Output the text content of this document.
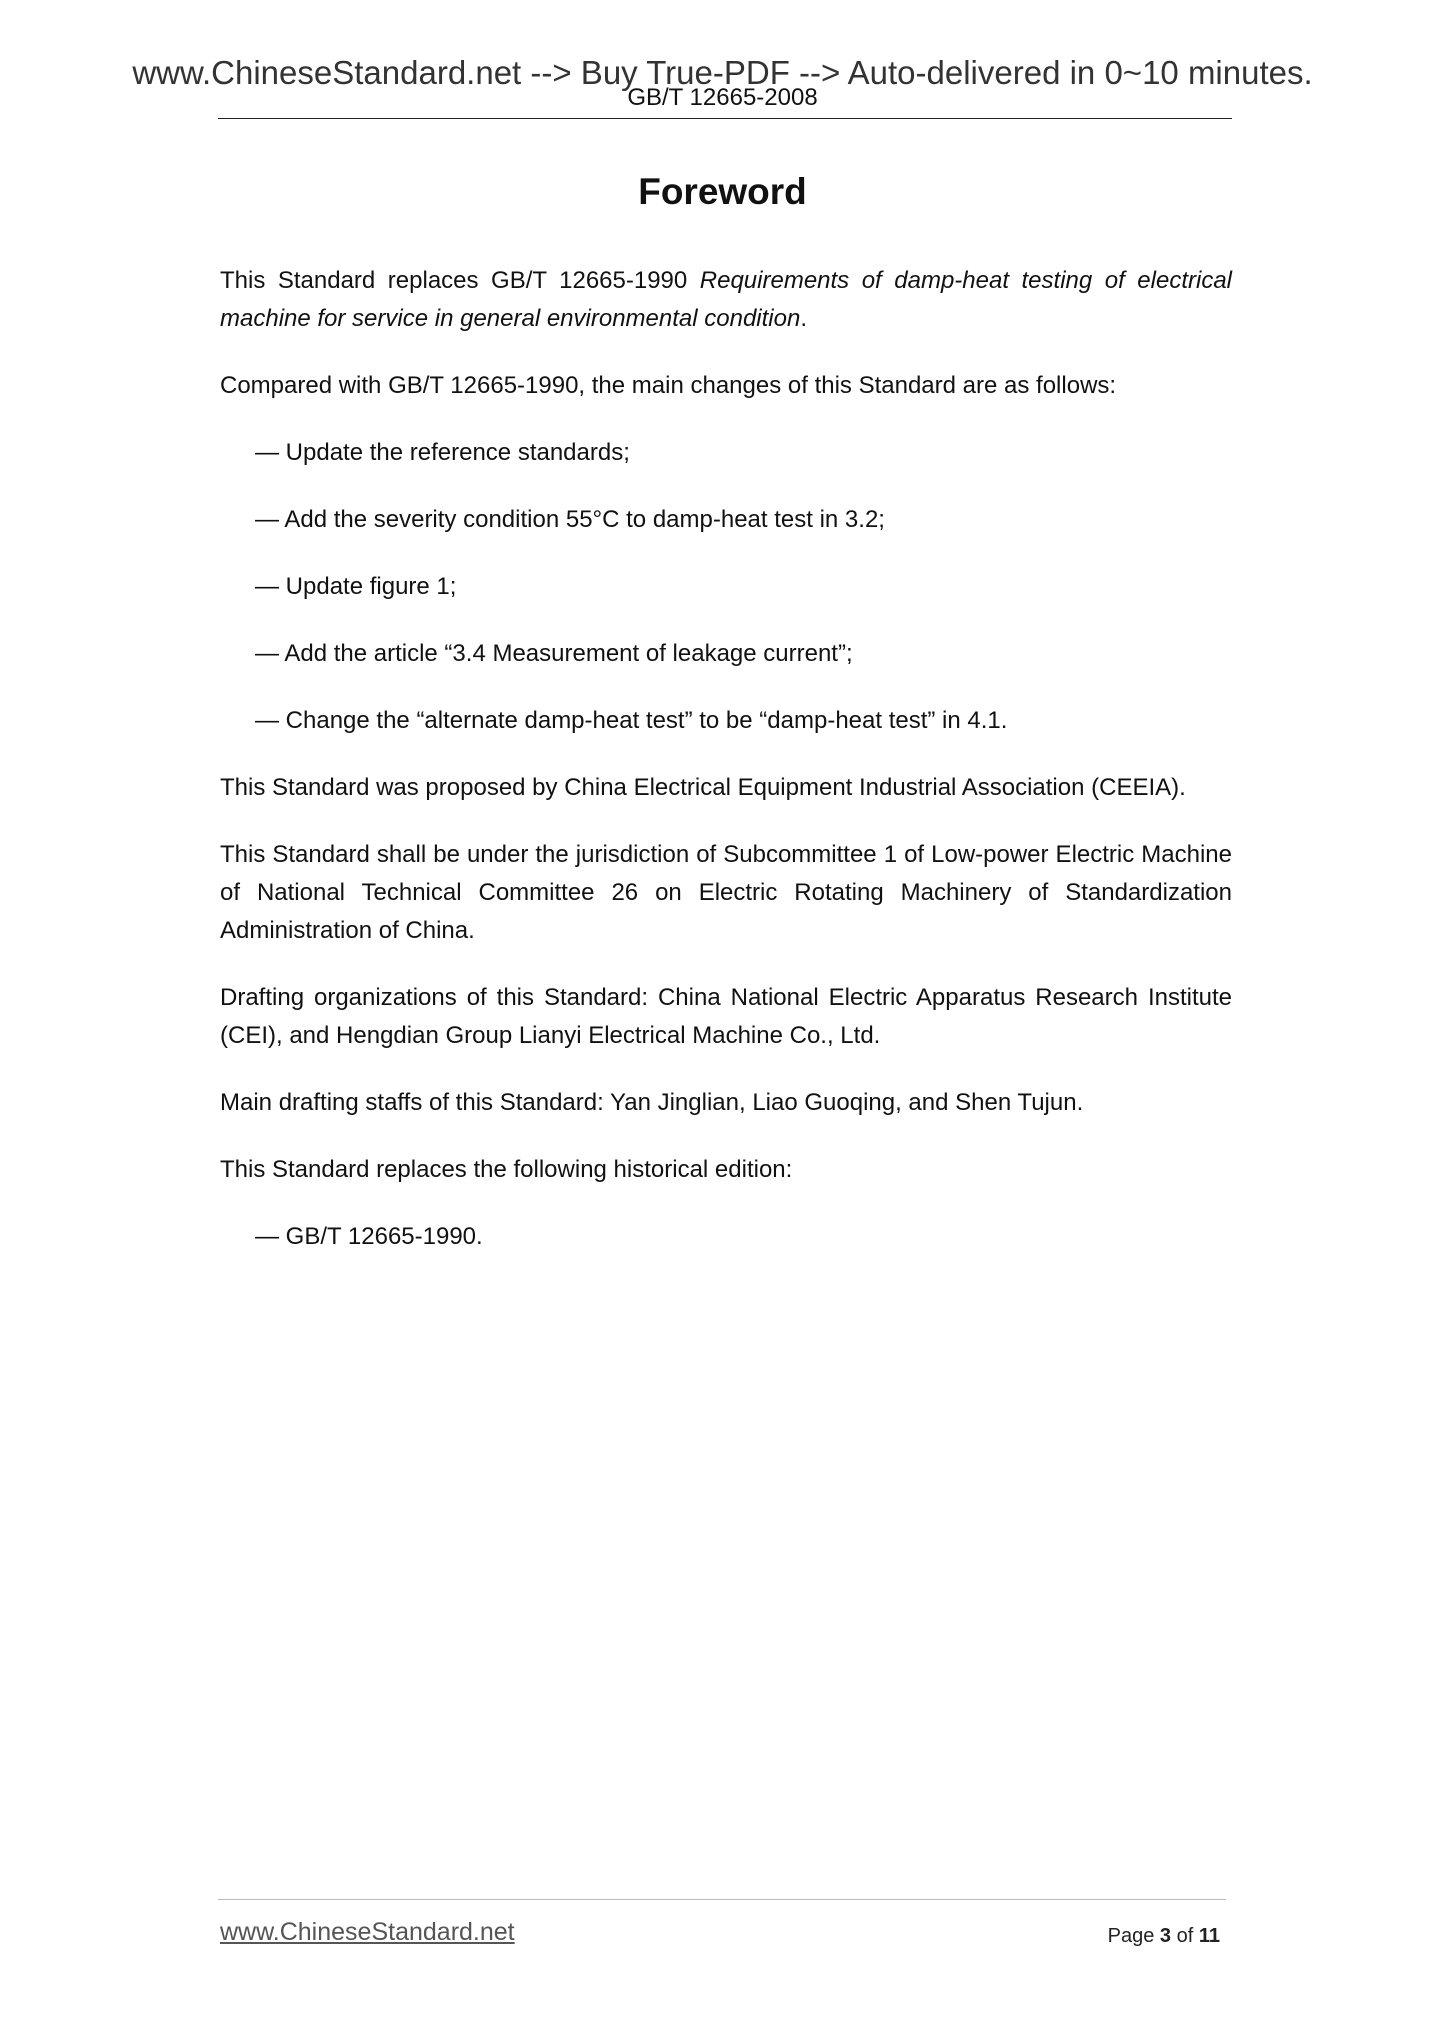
www.ChineseStandard.net --> Buy True-PDF --> Auto-delivered in 0~10 minutes.
GB/T 12665-2008
Foreword

This Standard replaces GB/T 12665-1990 Requirements of damp-heat testing of electrical machine for service in general environmental condition.

Compared with GB/T 12665-1990, the main changes of this Standard are as follows:

— Update the reference standards;

— Add the severity condition 55°C to damp-heat test in 3.2;

— Update figure 1;

— Add the article “3.4 Measurement of leakage current”;

— Change the “alternate damp-heat test” to be “damp-heat test” in 4.1.

This Standard was proposed by China Electrical Equipment Industrial Association (CEEIA).

This Standard shall be under the jurisdiction of Subcommittee 1 of Low-power Electric Machine of National Technical Committee 26 on Electric Rotating Machinery of Standardization Administration of China.

Drafting organizations of this Standard: China National Electric Apparatus Research Institute (CEI), and Hengdian Group Lianyi Electrical Machine Co., Ltd.

Main drafting staffs of this Standard: Yan Jinglian, Liao Guoqing, and Shen Tujun.

This Standard replaces the following historical edition:

— GB/T 12665-1990.

www.ChineseStandard.net	Page 3 of 11
